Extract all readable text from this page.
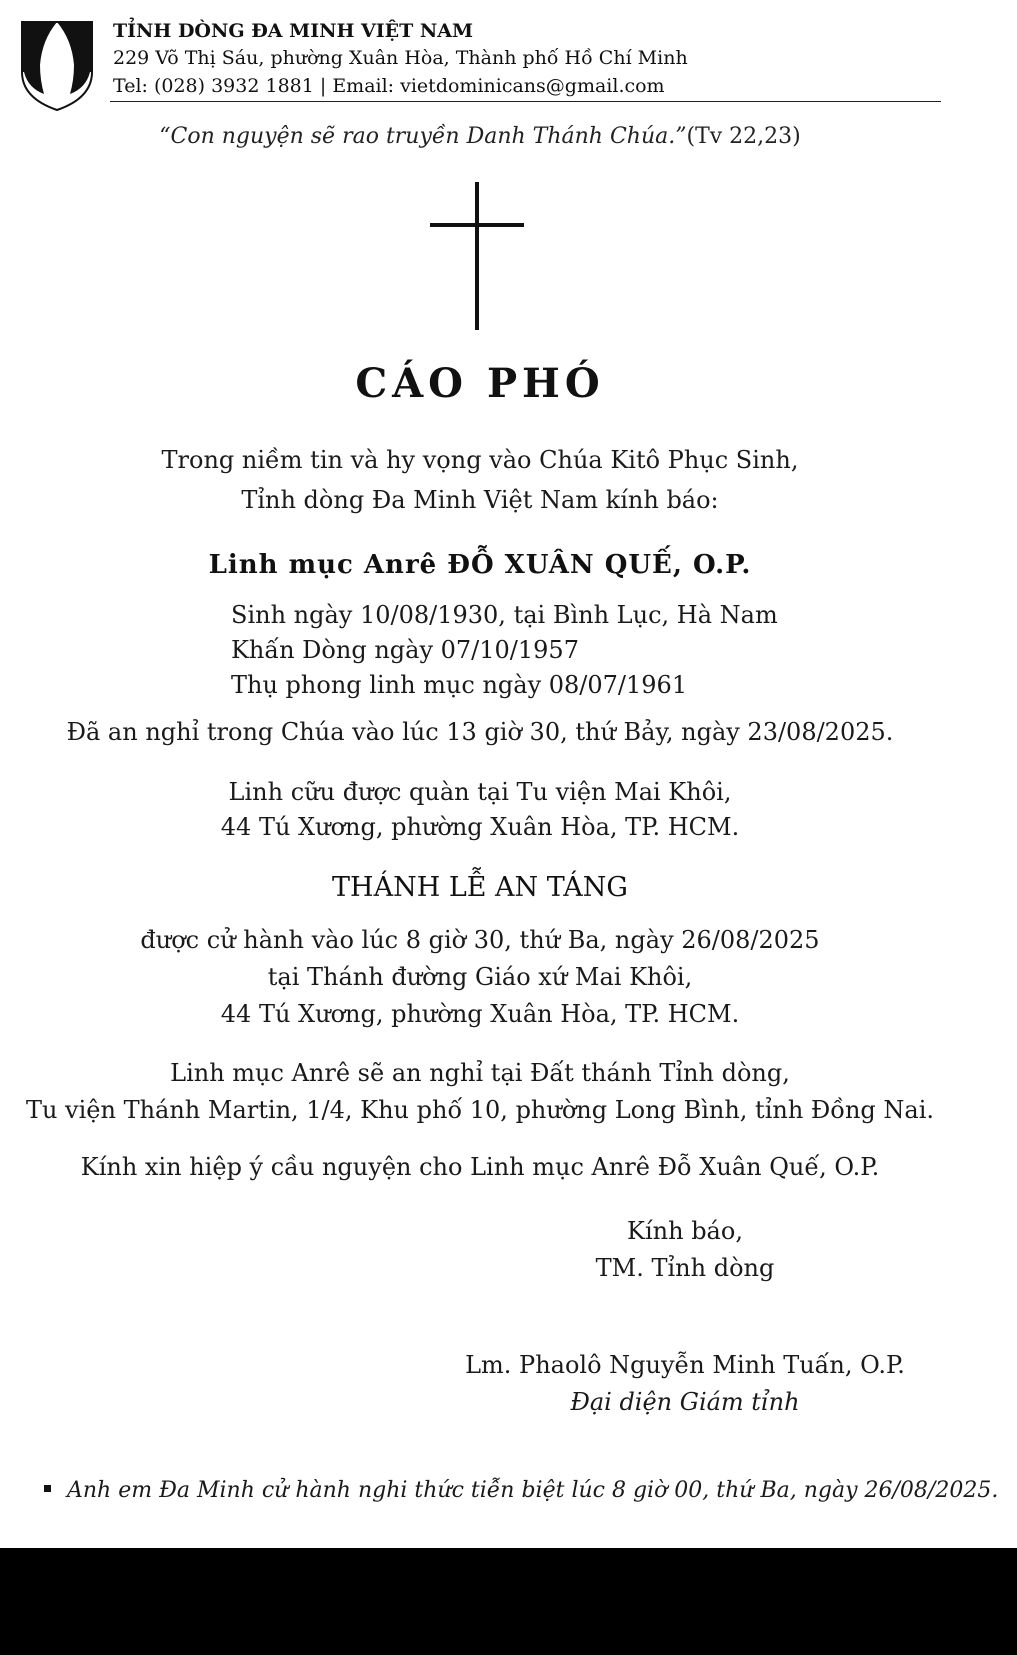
TỈNH DÒNG ĐA MINH VIỆT NAM
229 Võ Thị Sáu, phường Xuân Hòa, Thành phố Hồ Chí Minh
Tel: (028) 3932 1881 | Email: vietdominicans@gmail.com
“Con nguyện sẽ rao truyền Danh Thánh Chúa.”(Tv 22,23)
CÁO PHÓ
Trong niềm tin và hy vọng vào Chúa Kitô Phục Sinh,
Tỉnh dòng Đa Minh Việt Nam kính báo:
Linh mục Anrê ĐỖ XUÂN QUẾ, O.P.
Sinh ngày 10/08/1930, tại Bình Lục, Hà Nam
Khấn Dòng ngày 07/10/1957
Thụ phong linh mục ngày 08/07/1961
Đã an nghỉ trong Chúa vào lúc 13 giờ 30, thứ Bảy, ngày 23/08/2025.
Linh cữu được quàn tại Tu viện Mai Khôi,
44 Tú Xương, phường Xuân Hòa, TP. HCM.
THÁNH LỄ AN TÁNG
được cử hành vào lúc 8 giờ 30, thứ Ba, ngày 26/08/2025
tại Thánh đường Giáo xứ Mai Khôi,
44 Tú Xương, phường Xuân Hòa, TP. HCM.
Linh mục Anrê sẽ an nghỉ tại Đất thánh Tỉnh dòng,
Tu viện Thánh Martin, 1/4, Khu phố 10, phường Long Bình, tỉnh Đồng Nai.
Kính xin hiệp ý cầu nguyện cho Linh mục Anrê Đỗ Xuân Quế, O.P.
Kính báo,
TM. Tỉnh dòng
Lm. Phaolô Nguyễn Minh Tuấn, O.P.
Đại diện Giám tỉnh
Anh em Đa Minh cử hành nghi thức tiễn biệt lúc 8 giờ 00, thứ Ba, ngày 26/08/2025.
